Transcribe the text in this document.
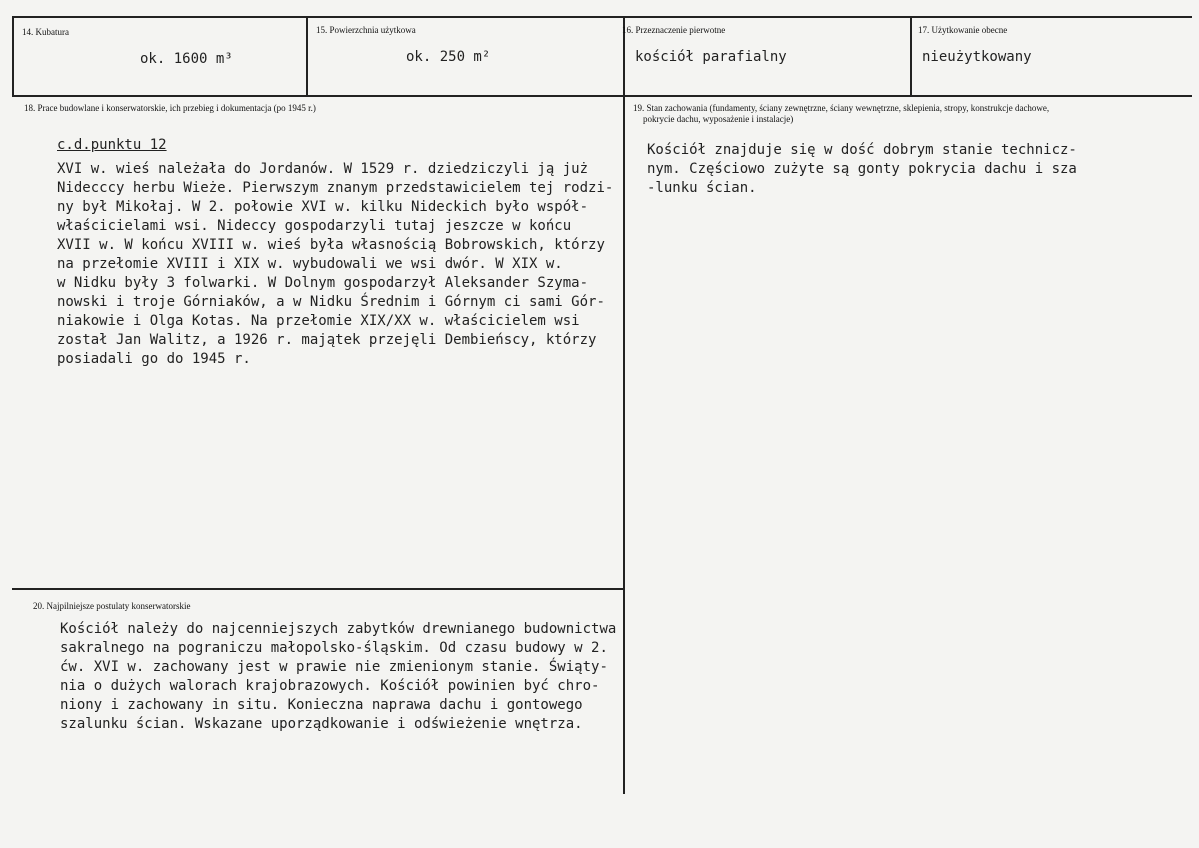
14. Kubatura
ok. 1600 m³
15. Powierzchnia użytkowa
ok. 250 m²
16. Przeznaczenie pierwotne
kościół parafialny
17. Użytkowanie obecne
nieużytkowany
18. Prace budowlane i konserwatorskie, ich przebieg i dokumentacja (po 1945 r.)
c.d.punktu 12
XVI w. wieś należała do Jordanów. W 1529 r. dziedziczyli ją już
Nidecccy herbu Wieże. Pierwszym znanym przedstawicielem tej rodzi-
ny był Mikołaj. W 2. połowie XVI w. kilku Nideckich było współ-
właścicielami wsi. Nideccy gospodarzyli tutaj jeszcze w końcu
XVII w. W końcu XVIII w. wieś była własnością Bobrowskich, którzy
na przełomie XVIII i XIX w. wybudowali we wsi dwór. W XIX w.
w Nidku były 3 folwarki. W Dolnym gospodarzył Aleksander Szyma-
nowski i troje Górniaków, a w Nidku Średnim i Górnym ci sami Gór-
niakowie i Olga Kotas. Na przełomie XIX/XX w. właścicielem wsi
został Jan Walitz, a 1926 r. majątek przejęli Dembieńscy, którzy
posiadali go do 1945 r.
19. Stan zachowania (fundamenty, ściany zewnętrzne, ściany wewnętrzne, sklepienia, stropy, konstrukcje dachowe,
pokrycie dachu, wyposażenie i instalacje)
Kościół znajduje się w dość dobrym stanie technicz-
nym. Częściowo zużyte są gonty pokrycia dachu i sza
-lunku ścian.
20. Najpilniejsze postulaty konserwatorskie
Kościół należy do najcenniejszych zabytków drewnianego budownictwa
sakralnego na pograniczu małopolsko-śląskim. Od czasu budowy w 2.
ćw. XVI w. zachowany jest w prawie nie zmienionym stanie. Świąty-
nia o dużych walorach krajobrazowych. Kościół powinien być chro-
niony i zachowany in situ. Konieczna naprawa dachu i gontowego
szalunku ścian. Wskazane uporządkowanie i odświeżenie wnętrza.
